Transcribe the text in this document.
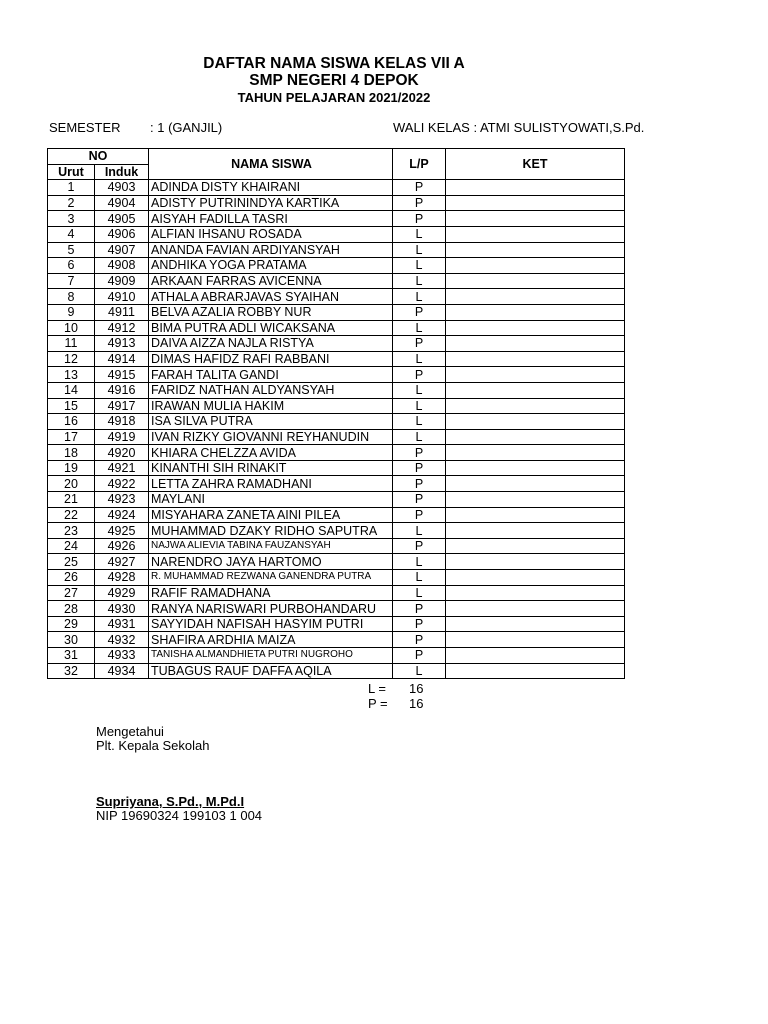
DAFTAR NAMA SISWA KELAS VII A
SMP NEGERI 4 DEPOK
TAHUN PELAJARAN 2021/2022
SEMESTER : 1 (GANJIL)	WALI KELAS : ATMI SULISTYOWATI,S.Pd.
NO		NAMA SISWA	L/P	KET
Urut	Induk			
1	4903	ADINDA DISTY KHAIRANI	P	
2	4904	ADISTY PUTRININDYA KARTIKA	P	
3	4905	AISYAH FADILLA TASRI	P	
4	4906	ALFIAN IHSANU ROSADA	L	
5	4907	ANANDA FAVIAN ARDIYANSYAH	L	
6	4908	ANDHIKA YOGA PRATAMA	L	
7	4909	ARKAAN FARRAS AVICENNA	L	
8	4910	ATHALA ABRARJAVAS SYAIHAN	L	
9	4911	BELVA AZALIA ROBBY NUR	P	
10	4912	BIMA PUTRA ADLI WICAKSANA	L	
11	4913	DAIVA AIZZA NAJLA RISTYA	P	
12	4914	DIMAS HAFIDZ RAFI RABBANI	L	
13	4915	FARAH TALITA GANDI	P	
14	4916	FARIDZ NATHAN ALDYANSYAH	L	
15	4917	IRAWAN MULIA HAKIM	L	
16	4918	ISA SILVA PUTRA	L	
17	4919	IVAN RIZKY GIOVANNI REYHANUDIN	L	
18	4920	KHIARA CHELZZA AVIDA	P	
19	4921	KINANTHI SIH RINAKIT	P	
20	4922	LETTA ZAHRA RAMADHANI	P	
21	4923	MAYLANI	P	
22	4924	MISYAHARA ZANETA AINI PILEA	P	
23	4925	MUHAMMAD DZAKY RIDHO SAPUTRA	L	
24	4926	NAJWA ALIEVIA TABINA FAUZANSYAH	P	
25	4927	NARENDRO JAYA HARTOMO	L	
26	4928	R. MUHAMMAD REZWANA GANENDRA PUTRA	L	
27	4929	RAFIF RAMADHANA	L	
28	4930	RANYA NARISWARI PURBOHANDARU	P	
29	4931	SAYYIDAH NAFISAH HASYIM PUTRI	P	
30	4932	SHAFIRA ARDHIA MAIZA	P	
31	4933	TANISHA ALMANDHIETA PUTRI NUGROHO	P	
32	4934	TUBAGUS RAUF DAFFA AQILA	L	
L = 16
P = 16
Mengetahui
Plt. Kepala Sekolah
Supriyana, S.Pd., M.Pd.I
NIP 19690324 199103 1 004
